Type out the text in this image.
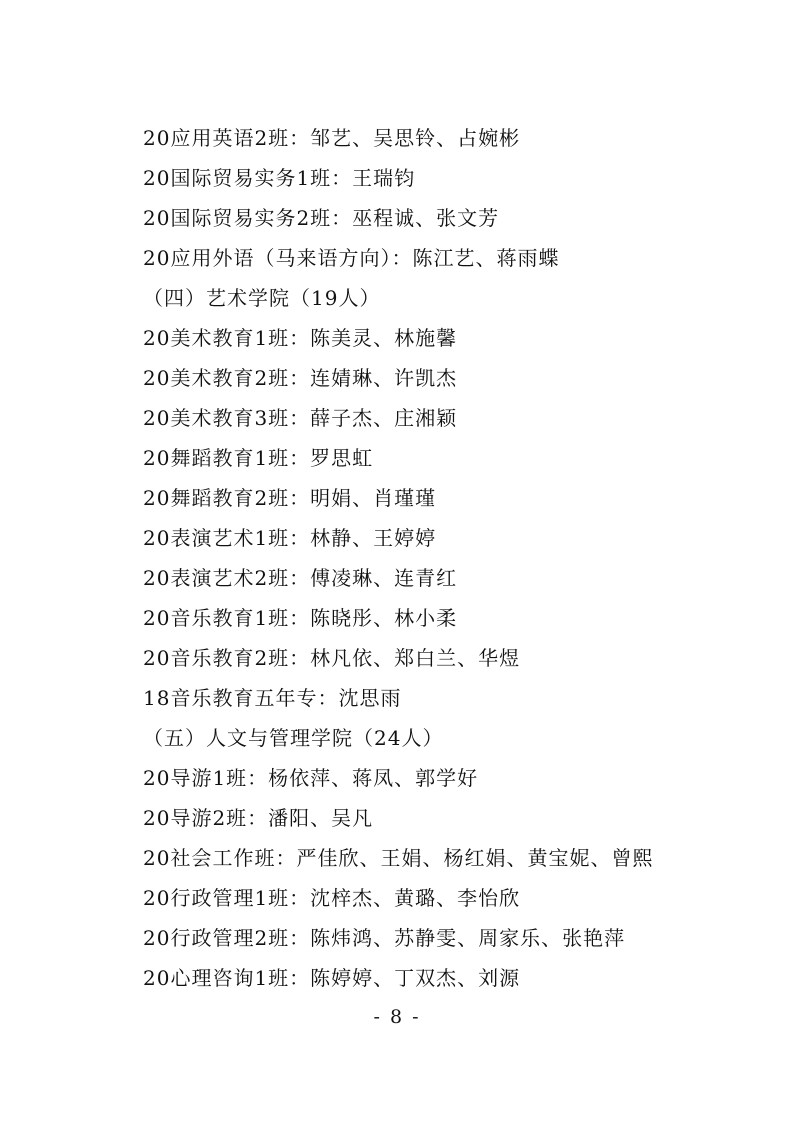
20应用英语2班：邹艺、吴思铃、占婉彬
20国际贸易实务1班：王瑞钧
20国际贸易实务2班：巫程诚、张文芳
20应用外语（马来语方向）：陈江艺、蒋雨蝶
（四）艺术学院（19人）
20美术教育1班：陈美灵、林施馨
20美术教育2班：连婧琳、许凯杰
20美术教育3班：薛子杰、庄湘颖
20舞蹈教育1班：罗思虹
20舞蹈教育2班：明娟、肖瑾瑾
20表演艺术1班：林静、王婷婷
20表演艺术2班：傅凌琳、连青红
20音乐教育1班：陈晓彤、林小柔
20音乐教育2班：林凡依、郑白兰、华煜
18音乐教育五年专：沈思雨
（五）人文与管理学院（24人）
20导游1班：杨依萍、蒋凤、郭学好
20导游2班：潘阳、吴凡
20社会工作班：严佳欣、王娟、杨红娟、黄宝妮、曾熙
20行政管理1班：沈梓杰、黄璐、李怡欣
20行政管理2班：陈炜鸿、苏静雯、周家乐、张艳萍
20心理咨询1班：陈婷婷、丁双杰、刘源
- 8 -
